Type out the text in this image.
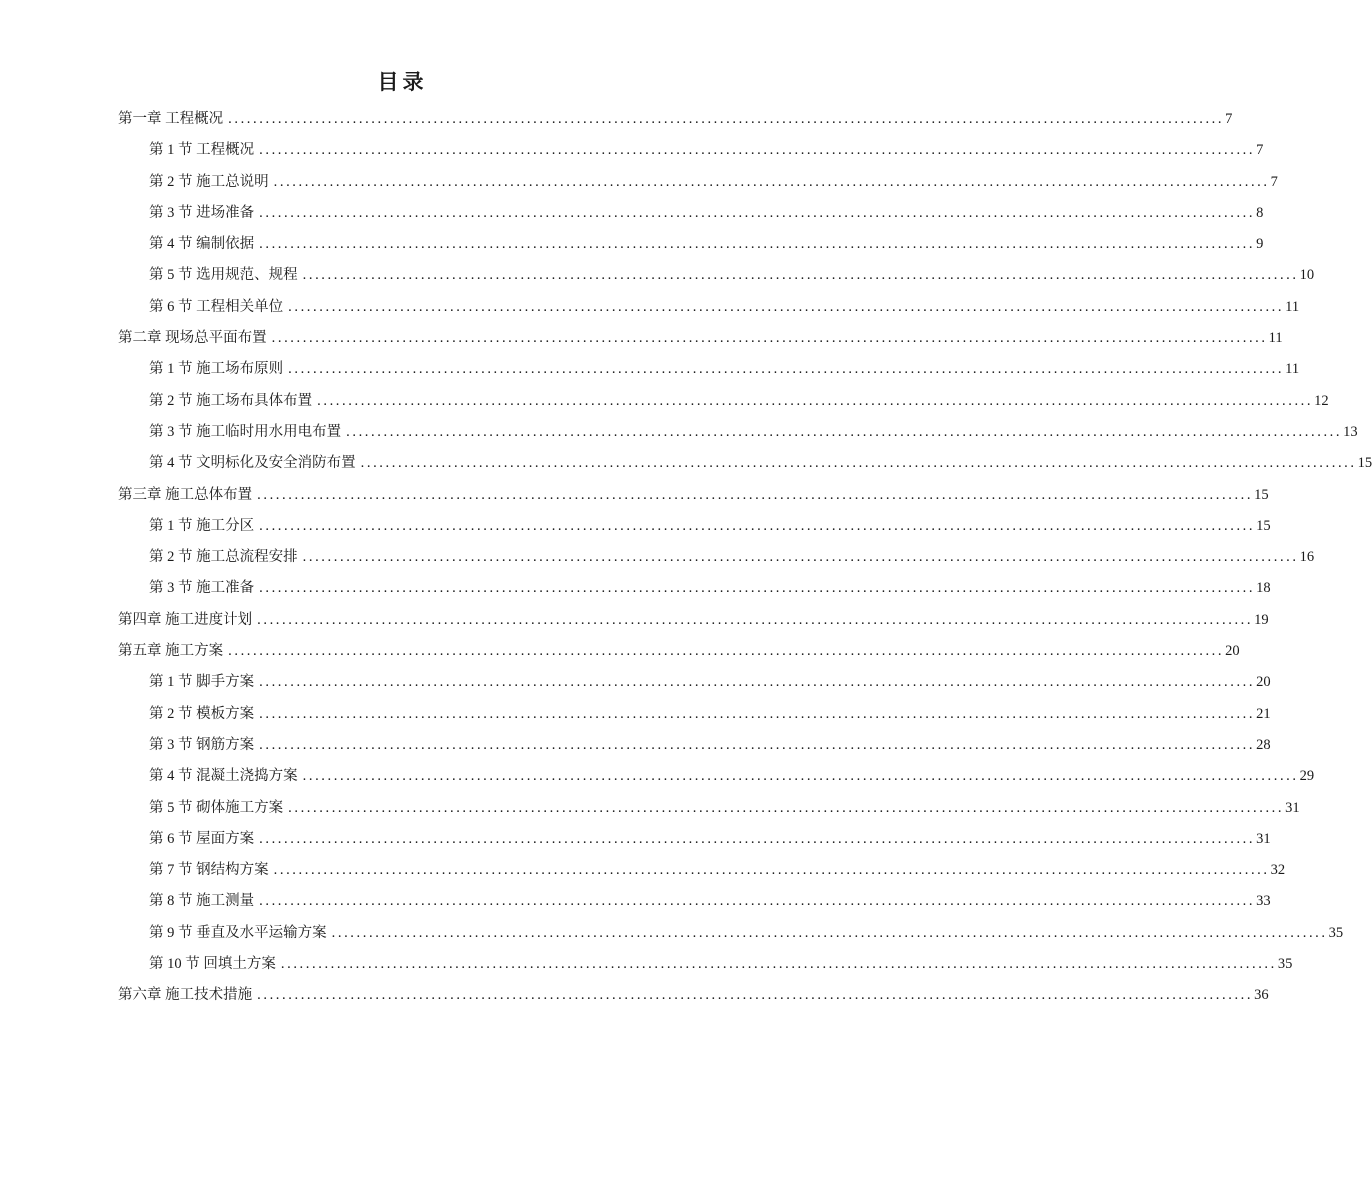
目录
第一章 工程概况 ................................................................................................................................................................ 7
第 1 节 工程概况 ................................................................................................................................................................ 7
第 2 节 施工总说明 ................................................................................................................................................................ 7
第 3 节 进场准备 ................................................................................................................................................................ 8
第 4 节 编制依据 ................................................................................................................................................................ 9
第 5 节 选用规范、规程 ................................................................................................................................................................ 10
第 6 节 工程相关单位 ................................................................................................................................................................ 11
第二章 现场总平面布置 ................................................................................................................................................................ 11
第 1 节 施工场布原则 ................................................................................................................................................................ 11
第 2 节 施工场布具体布置 ................................................................................................................................................................ 12
第 3 节 施工临时用水用电布置 ................................................................................................................................................................ 13
第 4 节 文明标化及安全消防布置 ................................................................................................................................................................ 15
第三章 施工总体布置 ................................................................................................................................................................ 15
第 1 节 施工分区 ................................................................................................................................................................ 15
第 2 节 施工总流程安排 ................................................................................................................................................................ 16
第 3 节 施工准备 ................................................................................................................................................................ 18
第四章 施工进度计划 ................................................................................................................................................................ 19
第五章 施工方案 ................................................................................................................................................................ 20
第 1 节 脚手方案 ................................................................................................................................................................ 20
第 2 节 模板方案 ................................................................................................................................................................ 21
第 3 节 钢筋方案 ................................................................................................................................................................ 28
第 4 节 混凝土浇捣方案 ................................................................................................................................................................ 29
第 5 节 砌体施工方案 ................................................................................................................................................................ 31
第 6 节 屋面方案 ................................................................................................................................................................ 31
第 7 节 钢结构方案 ................................................................................................................................................................ 32
第 8 节 施工测量 ................................................................................................................................................................ 33
第 9 节 垂直及水平运输方案 ................................................................................................................................................................ 35
第 10 节 回填土方案 ................................................................................................................................................................ 35
第六章 施工技术措施 ................................................................................................................................................................ 36
